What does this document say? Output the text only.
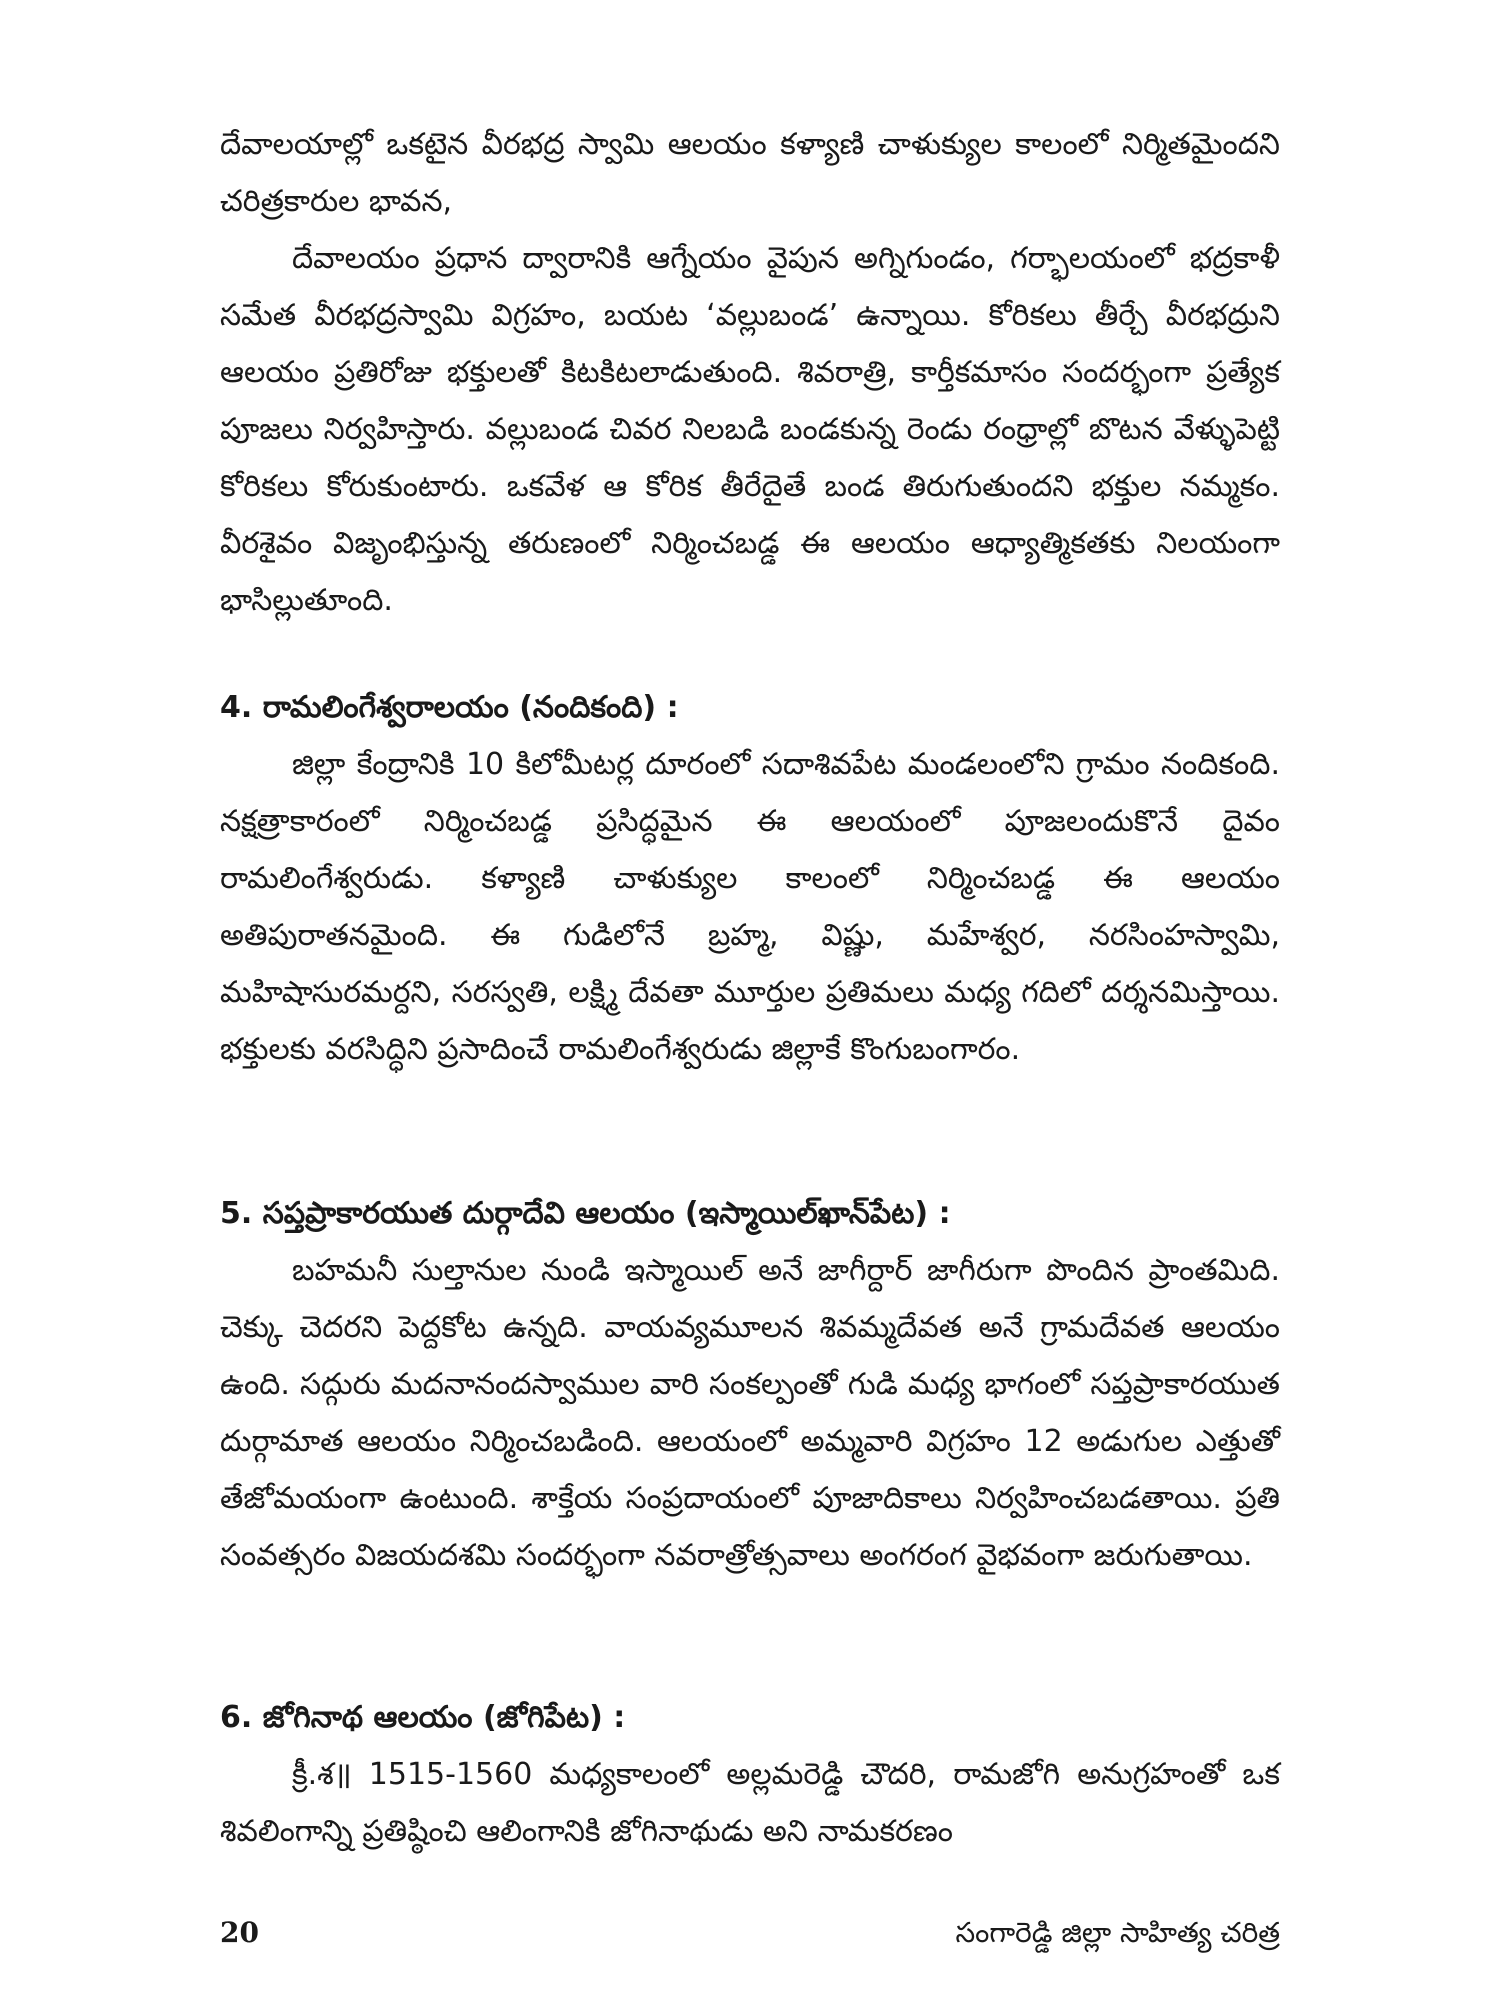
దేవాలయాల్లో ఒకటైన వీరభద్ర స్వామి ఆలయం కళ్యాణి చాళుక్యుల కాలంలో నిర్మితమైందని చరిత్రకారుల భావన,

దేవాలయం ప్రధాన ద్వారానికి ఆగ్నేయం వైపున అగ్నిగుండం, గర్భాలయంలో భద్రకాళీ సమేత వీరభద్రస్వామి విగ్రహం, బయట ‘వల్లుబండ’ ఉన్నాయి. కోరికలు తీర్చే వీరభద్రుని ఆలయం ప్రతిరోజు భక్తులతో కిటకిటలాడుతుంది. శివరాత్రి, కార్తీకమాసం సందర్భంగా ప్రత్యేక పూజలు నిర్వహిస్తారు. వల్లుబండ చివర నిలబడి బండకున్న రెండు రంధ్రాల్లో బొటన వేళ్ళుపెట్టి కోరికలు కోరుకుంటారు. ఒకవేళ ఆ కోరిక తీరేదైతే బండ తిరుగుతుందని భక్తుల నమ్మకం. వీరశైవం విజృంభిస్తున్న తరుణంలో నిర్మించబడ్డ ఈ ఆలయం ఆధ్యాత్మికతకు నిలయంగా భాసిల్లుతూంది.

4. రామలింగేశ్వరాలయం (నందికంది) :

జిల్లా కేంద్రానికి 10 కిలోమీటర్ల దూరంలో సదాశివపేట మండలంలోని గ్రామం నందికంది. నక్షత్రాకారంలో నిర్మించబడ్డ ప్రసిద్ధమైన ఈ ఆలయంలో పూజలందుకొనే దైవం రామలింగేశ్వరుడు. కళ్యాణి చాళుక్యుల కాలంలో నిర్మించబడ్డ ఈ ఆలయం అతిపురాతనమైంది. ఈ గుడిలోనే బ్రహ్మ, విష్ణు, మహేశ్వర, నరసింహస్వామి, మహిషాసురమర్దని, సరస్వతి, లక్ష్మి దేవతా మూర్తుల ప్రతిమలు మధ్య గదిలో దర్శనమిస్తాయి. భక్తులకు వరసిద్ధిని ప్రసాదించే రామలింగేశ్వరుడు జిల్లాకే కొంగుబంగారం.

5. సప్తప్రాకారయుత దుర్గాదేవి ఆలయం (ఇస్మాయిల్‌ఖాన్‌పేట) :

బహమనీ సుల్తానుల నుండి ఇస్మాయిల్ అనే జాగీర్దార్ జాగీరుగా పొందిన ప్రాంతమిది. చెక్కు చెదరని పెద్దకోట ఉన్నది. వాయవ్యమూలన శివమ్మదేవత అనే గ్రామదేవత ఆలయం ఉంది. సద్గురు మదనానందస్వాముల వారి సంకల్పంతో గుడి మధ్య భాగంలో సప్తప్రాకారయుత దుర్గామాత ఆలయం నిర్మించబడింది. ఆలయంలో అమ్మవారి విగ్రహం 12 అడుగుల ఎత్తుతో తేజోమయంగా ఉంటుంది. శాక్తేయ సంప్రదాయంలో పూజాదికాలు నిర్వహించబడతాయి. ప్రతి సంవత్సరం విజయదశమి సందర్భంగా నవరాత్రోత్సవాలు అంగరంగ వైభవంగా జరుగుతాయి.

6. జోగినాథ ఆలయం (జోగిపేట) :

క్రీ.శ॥ 1515-1560 మధ్యకాలంలో అల్లమరెడ్డి చౌదరి, రామజోగి అనుగ్రహంతో ఒక శివలింగాన్ని ప్రతిష్ఠించి ఆలింగానికి జోగినాథుడు అని నామకరణం

20	సంగారెడ్డి జిల్లా సాహిత్య చరిత్ర
